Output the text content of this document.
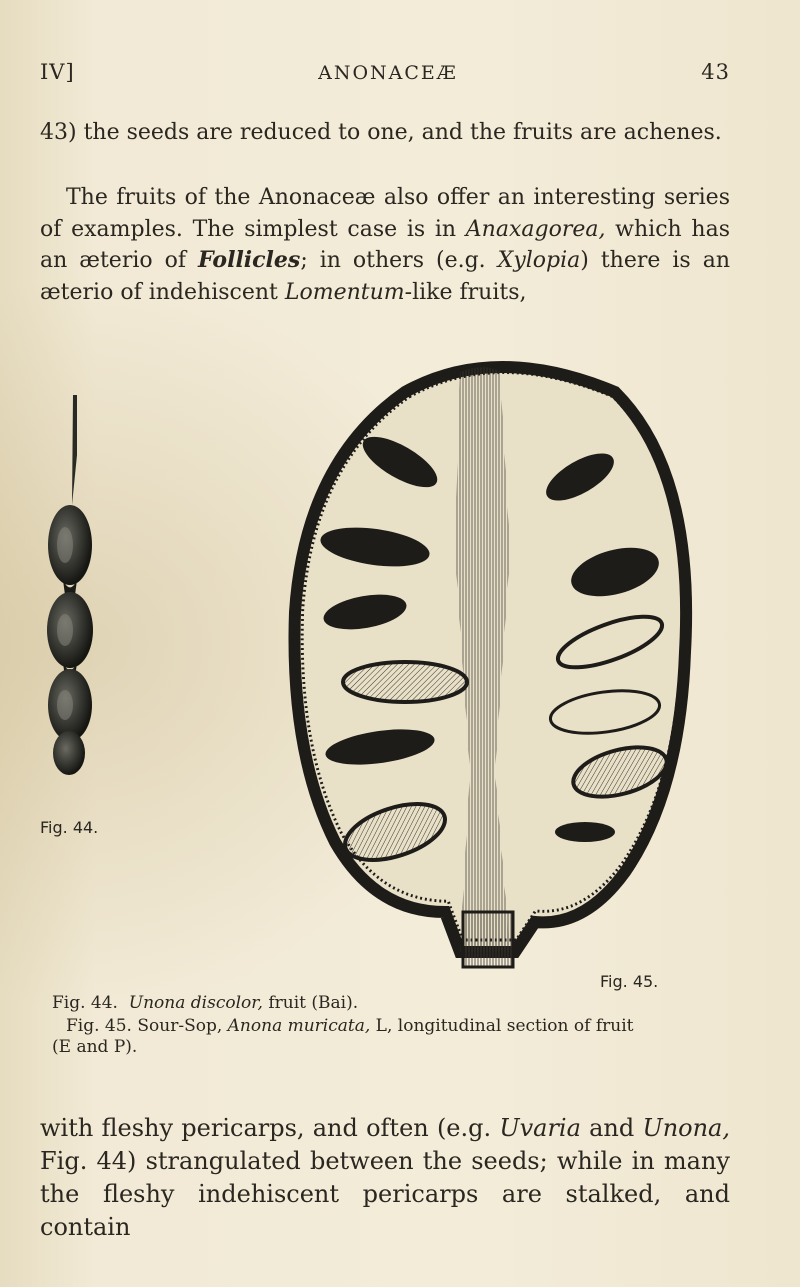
IV]	ANONACEÆ	43
43) the seeds are reduced to one, and the fruits are achenes.
The fruits of the Anonaceæ also offer an interesting series of examples. The simplest case is in Anaxagorea, which has an æterio of Follicles; in others (e.g. Xylopia) there is an æterio of indehiscent Lomentum-like fruits,
Fig. 44.
Fig. 45.
Fig. 44. Unona discolor, fruit (Bai).
Fig. 45. Sour-Sop, Anona muricata, L, longitudinal section of fruit
(E and P).
with fleshy pericarps, and often (e.g. Uvaria and Unona, Fig. 44) strangulated between the seeds; while in many the fleshy indehiscent pericarps are stalked, and contain
